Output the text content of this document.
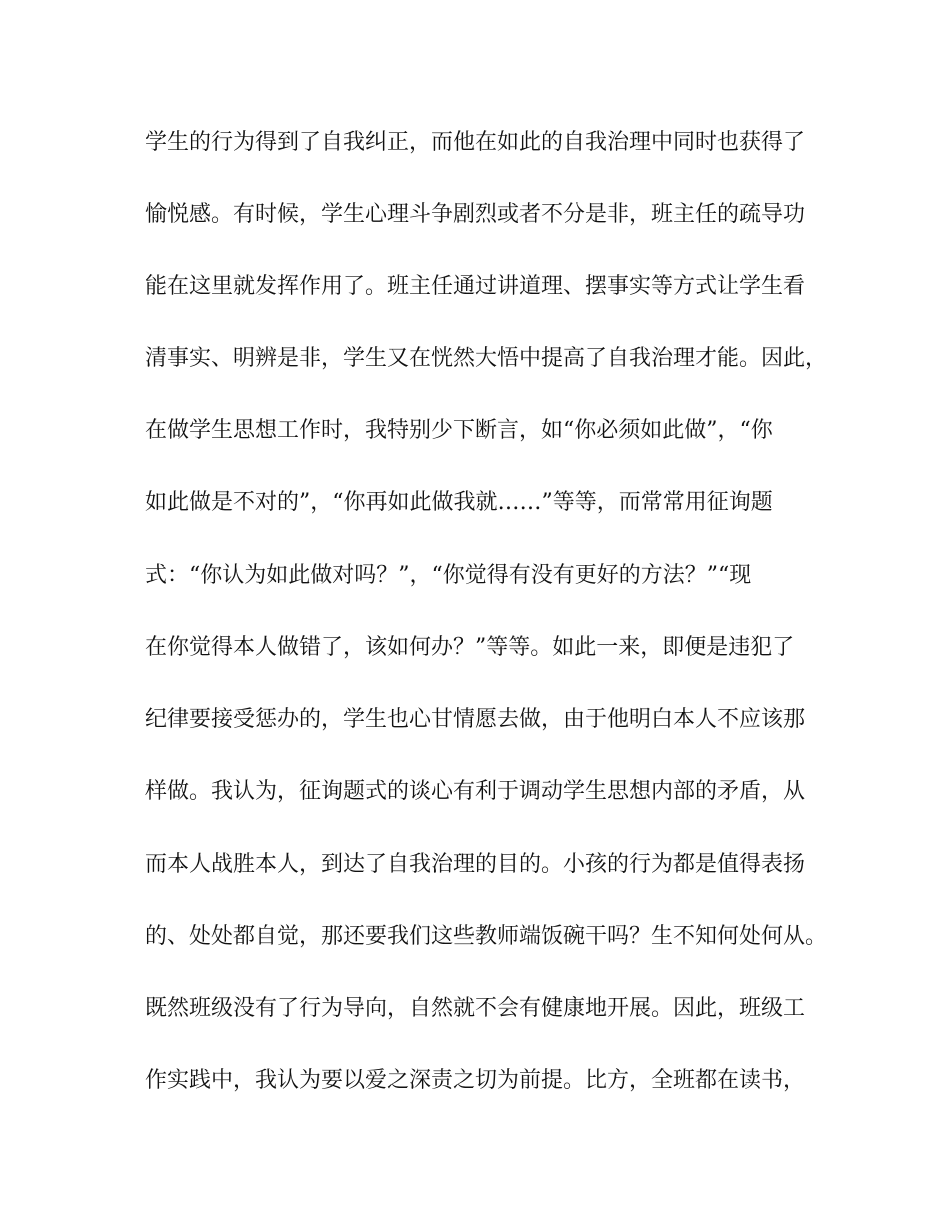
学生的行为得到了自我纠正，而他在如此的自我治理中同时也获得了

愉悦感。有时候，学生心理斗争剧烈或者不分是非，班主任的疏导功

能在这里就发挥作用了。班主任通过讲道理、摆事实等方式让学生看

清事实、明辨是非，学生又在恍然大悟中提高了自我治理才能。因此，

在做学生思想工作时，我特别少下断言，如“你必须如此做”，“你

如此做是不对的”，“你再如此做我就……”等等，而常常用征询题

式：“你认为如此做对吗？”，“你觉得有没有更好的方法？”“现

在你觉得本人做错了，该如何办？”等等。如此一来，即便是违犯了

纪律要接受惩办的，学生也心甘情愿去做，由于他明白本人不应该那

样做。我认为，征询题式的谈心有利于调动学生思想内部的矛盾，从

而本人战胜本人，到达了自我治理的目的。小孩的行为都是值得表扬

的、处处都自觉，那还要我们这些教师端饭碗干吗？生不知何处何从。

既然班级没有了行为导向，自然就不会有健康地开展。因此，班级工

作实践中，我认为要以爱之深责之切为前提。比方，全班都在读书，
